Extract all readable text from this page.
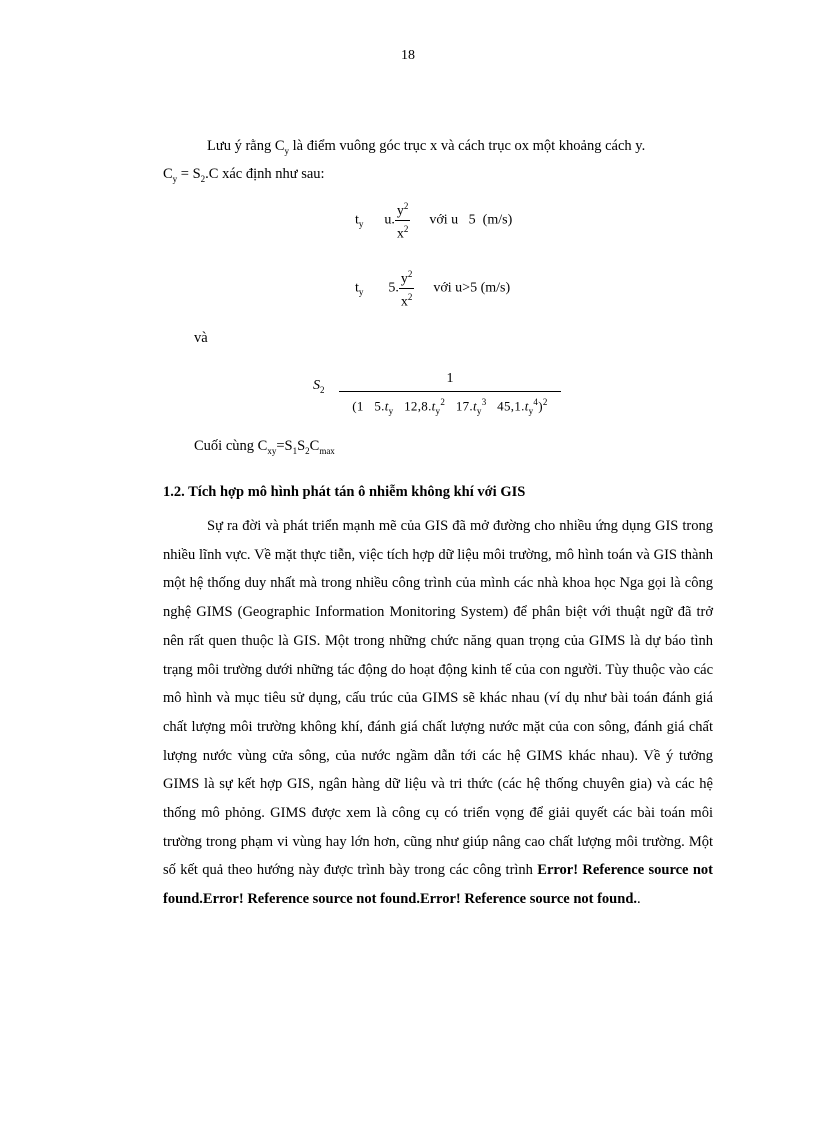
18
Lưu ý rằng $C_y$ là điểm vuông góc trục x và cách trục ox một khoảng cách y.
$C_y = S_2.C$ xác định như sau:
$t_y$ u. $\frac{y^2}{x^2}$ với u   5  (m/s)
$t_y$ 5. $\frac{y^2}{x^2}$ với u>5 (m/s)
và
$S_2 \frac{1}{(1 5.t_y 12,8.t_y^2 17.t_y^3 45,1.t_y^4)^2}$
Cuối cùng $C_{xy}=S_1S_2C_{max}$
1.2. Tích hợp mô hình phát tán ô nhiễm không khí với GIS
Sự ra đời và phát triển mạnh mẽ của GIS đã mở đường cho nhiều ứng dụng GIS trong nhiều lĩnh vực. Về mặt thực tiễn, việc tích hợp dữ liệu môi trường, mô hình toán và GIS thành một hệ thống duy nhất mà trong nhiều công trình của mình các nhà khoa học Nga gọi là công nghệ GIMS (Geographic Information Monitoring System) để phân biệt với thuật ngữ đã trở nên rất quen thuộc là GIS. Một trong những chức năng quan trọng của GIMS là dự báo tình trạng môi trường dưới những tác động do hoạt động kinh tế của con người. Tùy thuộc vào các mô hình và mục tiêu sử dụng, cấu trúc của GIMS sẽ khác nhau (ví dụ như bài toán đánh giá chất lượng môi trường không khí, đánh giá chất lượng nước mặt của con sông, đánh giá chất lượng nước vùng cửa sông, của nước ngầm dẫn tới các hệ GIMS khác nhau). Về ý tưởng GIMS là sự kết hợp GIS, ngân hàng dữ liệu và tri thức (các hệ thống chuyên gia) và các hệ thống mô phỏng. GIMS được xem là công cụ có triển vọng để giải quyết các bài toán môi trường trong phạm vi vùng hay lớn hơn, cũng như giúp nâng cao chất lượng môi trường. Một số kết quả theo hướng này được trình bày trong các công trình Error! Reference source not found.Error! Reference source not found.Error! Reference source not found..
